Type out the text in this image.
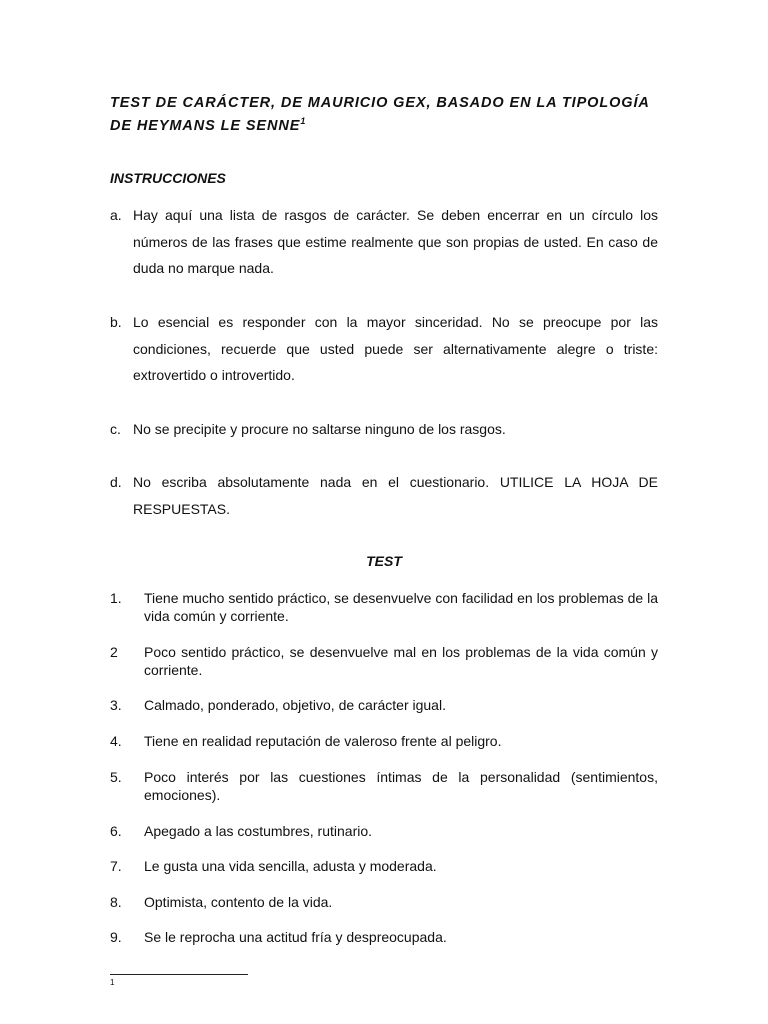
TEST DE CARÁCTER, DE MAURICIO GEX, BASADO EN LA TIPOLOGÍA DE HEYMANS LE SENNE$^1$
INSTRUCCIONES
a. Hay aquí una lista de rasgos de carácter. Se deben encerrar en un círculo los números de las frases que estime realmente que son propias de usted. En caso de duda no marque nada.
b. Lo esencial es responder con la mayor sinceridad. No se preocupe por las condiciones, recuerde que usted puede ser alternativamente alegre o triste: extrovertido o introvertido.
c. No se precipite y procure no saltarse ninguno de los rasgos.
d. No escriba absolutamente nada en el cuestionario. UTILICE LA HOJA DE RESPUESTAS.
TEST
1. Tiene mucho sentido práctico, se desenvuelve con facilidad en los problemas de la vida común y corriente.
2 Poco sentido práctico, se desenvuelve mal en los problemas de la vida común y corriente.
3. Calmado, ponderado, objetivo, de carácter igual.
4. Tiene en realidad reputación de valeroso frente al peligro.
5. Poco interés por las cuestiones íntimas de la personalidad (sentimientos, emociones).
6. Apegado a las costumbres, rutinario.
7. Le gusta una vida sencilla, adusta y moderada.
8. Optimista, contento de la vida.
9. Se le reprocha una actitud fría y despreocupada.
1
